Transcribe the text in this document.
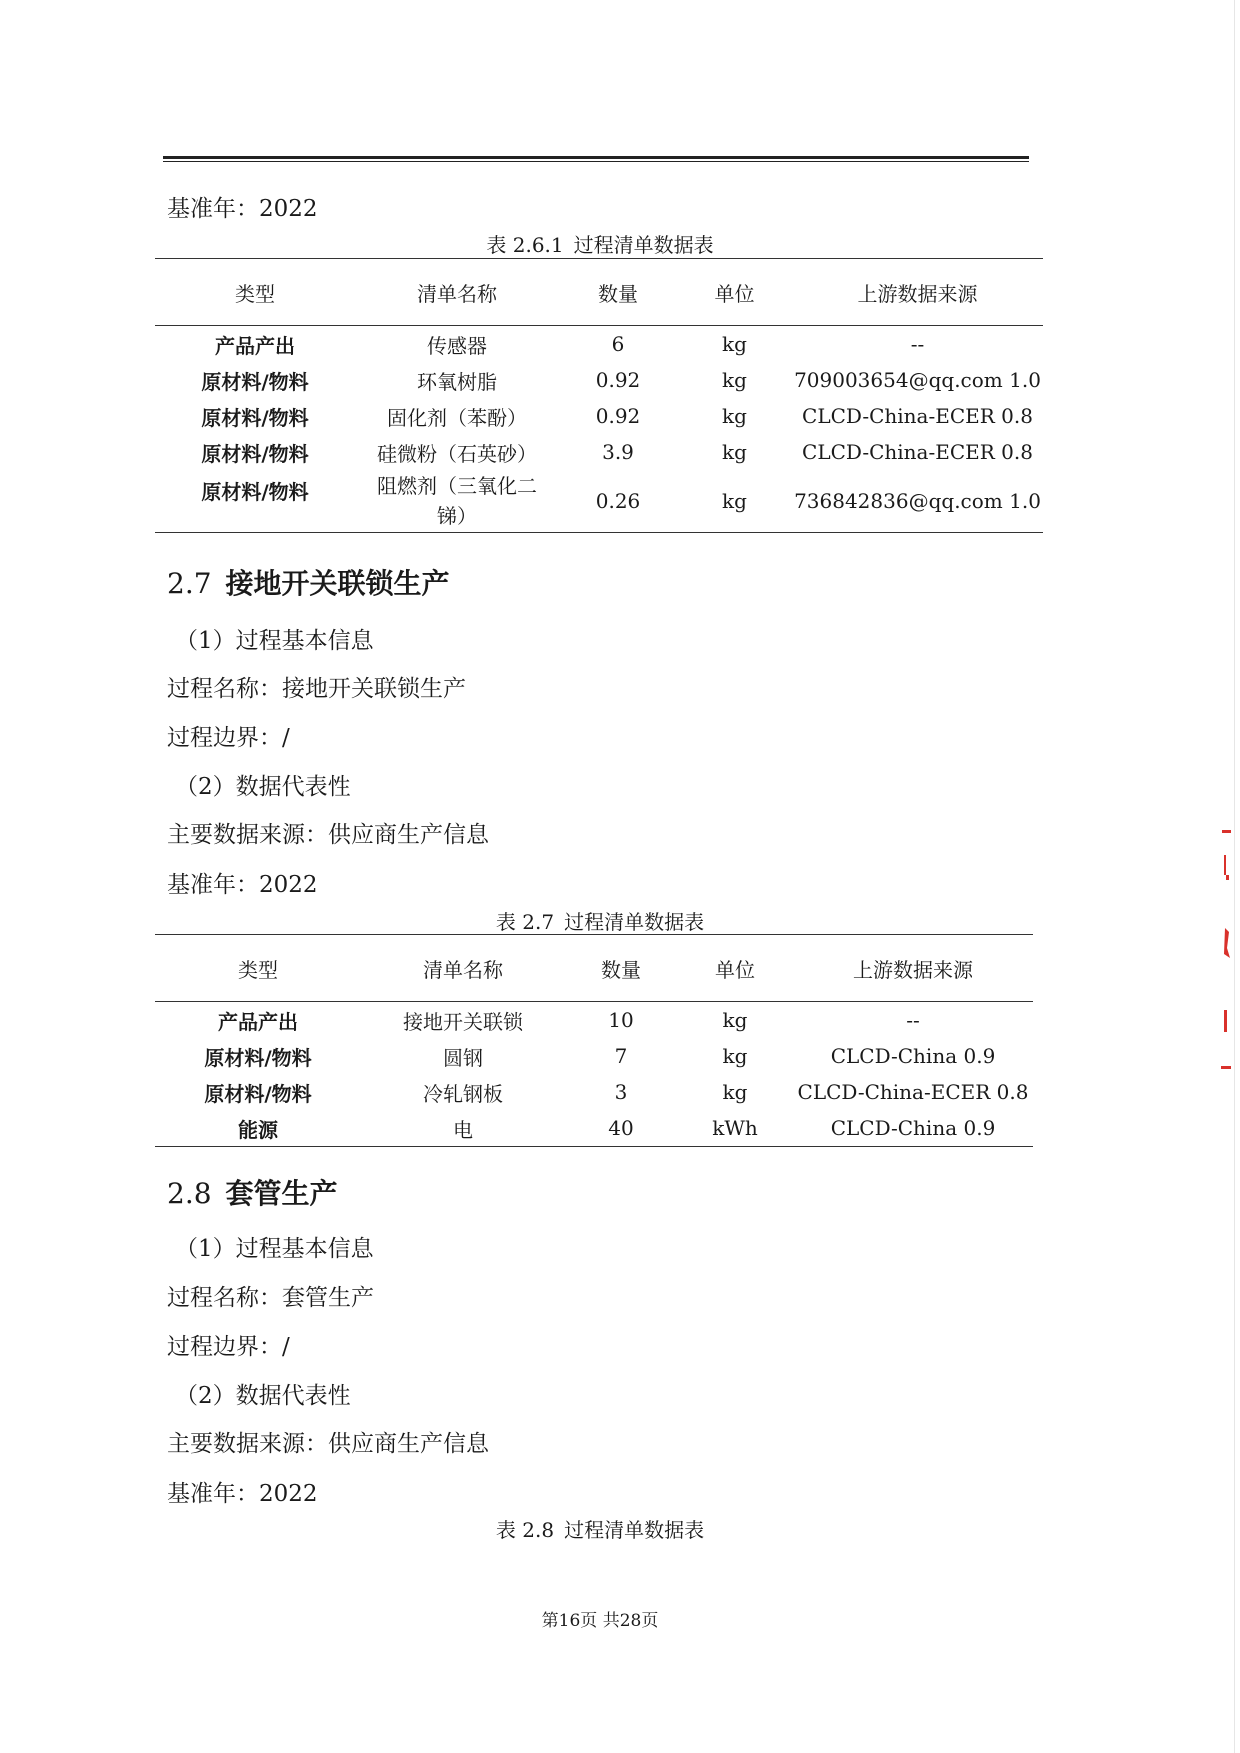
基准年：2022
表 2.6.1 过程清单数据表
类型	清单名称	数量	单位	上游数据来源
产品产出	传感器	6	kg	--
原材料/物料	环氧树脂	0.92	kg	709003654@qq.com 1.0
原材料/物料	固化剂（苯酚）	0.92	kg	CLCD-China-ECER 0.8
原材料/物料	硅微粉（石英砂）	3.9	kg	CLCD-China-ECER 0.8
原材料/物料	阻燃剂（三氧化二锑）	0.26	kg	736842836@qq.com 1.0
2.7 接地开关联锁生产
（1）过程基本信息
过程名称：接地开关联锁生产
过程边界：/
（2）数据代表性
主要数据来源：供应商生产信息
基准年：2022
表 2.7 过程清单数据表
类型	清单名称	数量	单位	上游数据来源
产品产出	接地开关联锁	10	kg	--
原材料/物料	圆钢	7	kg	CLCD-China 0.9
原材料/物料	冷轧钢板	3	kg	CLCD-China-ECER 0.8
能源	电	40	kWh	CLCD-China 0.9
2.8 套管生产
（1）过程基本信息
过程名称：套管生产
过程边界：/
（2）数据代表性
主要数据来源：供应商生产信息
基准年：2022
表 2.8 过程清单数据表
第16页 共28页
